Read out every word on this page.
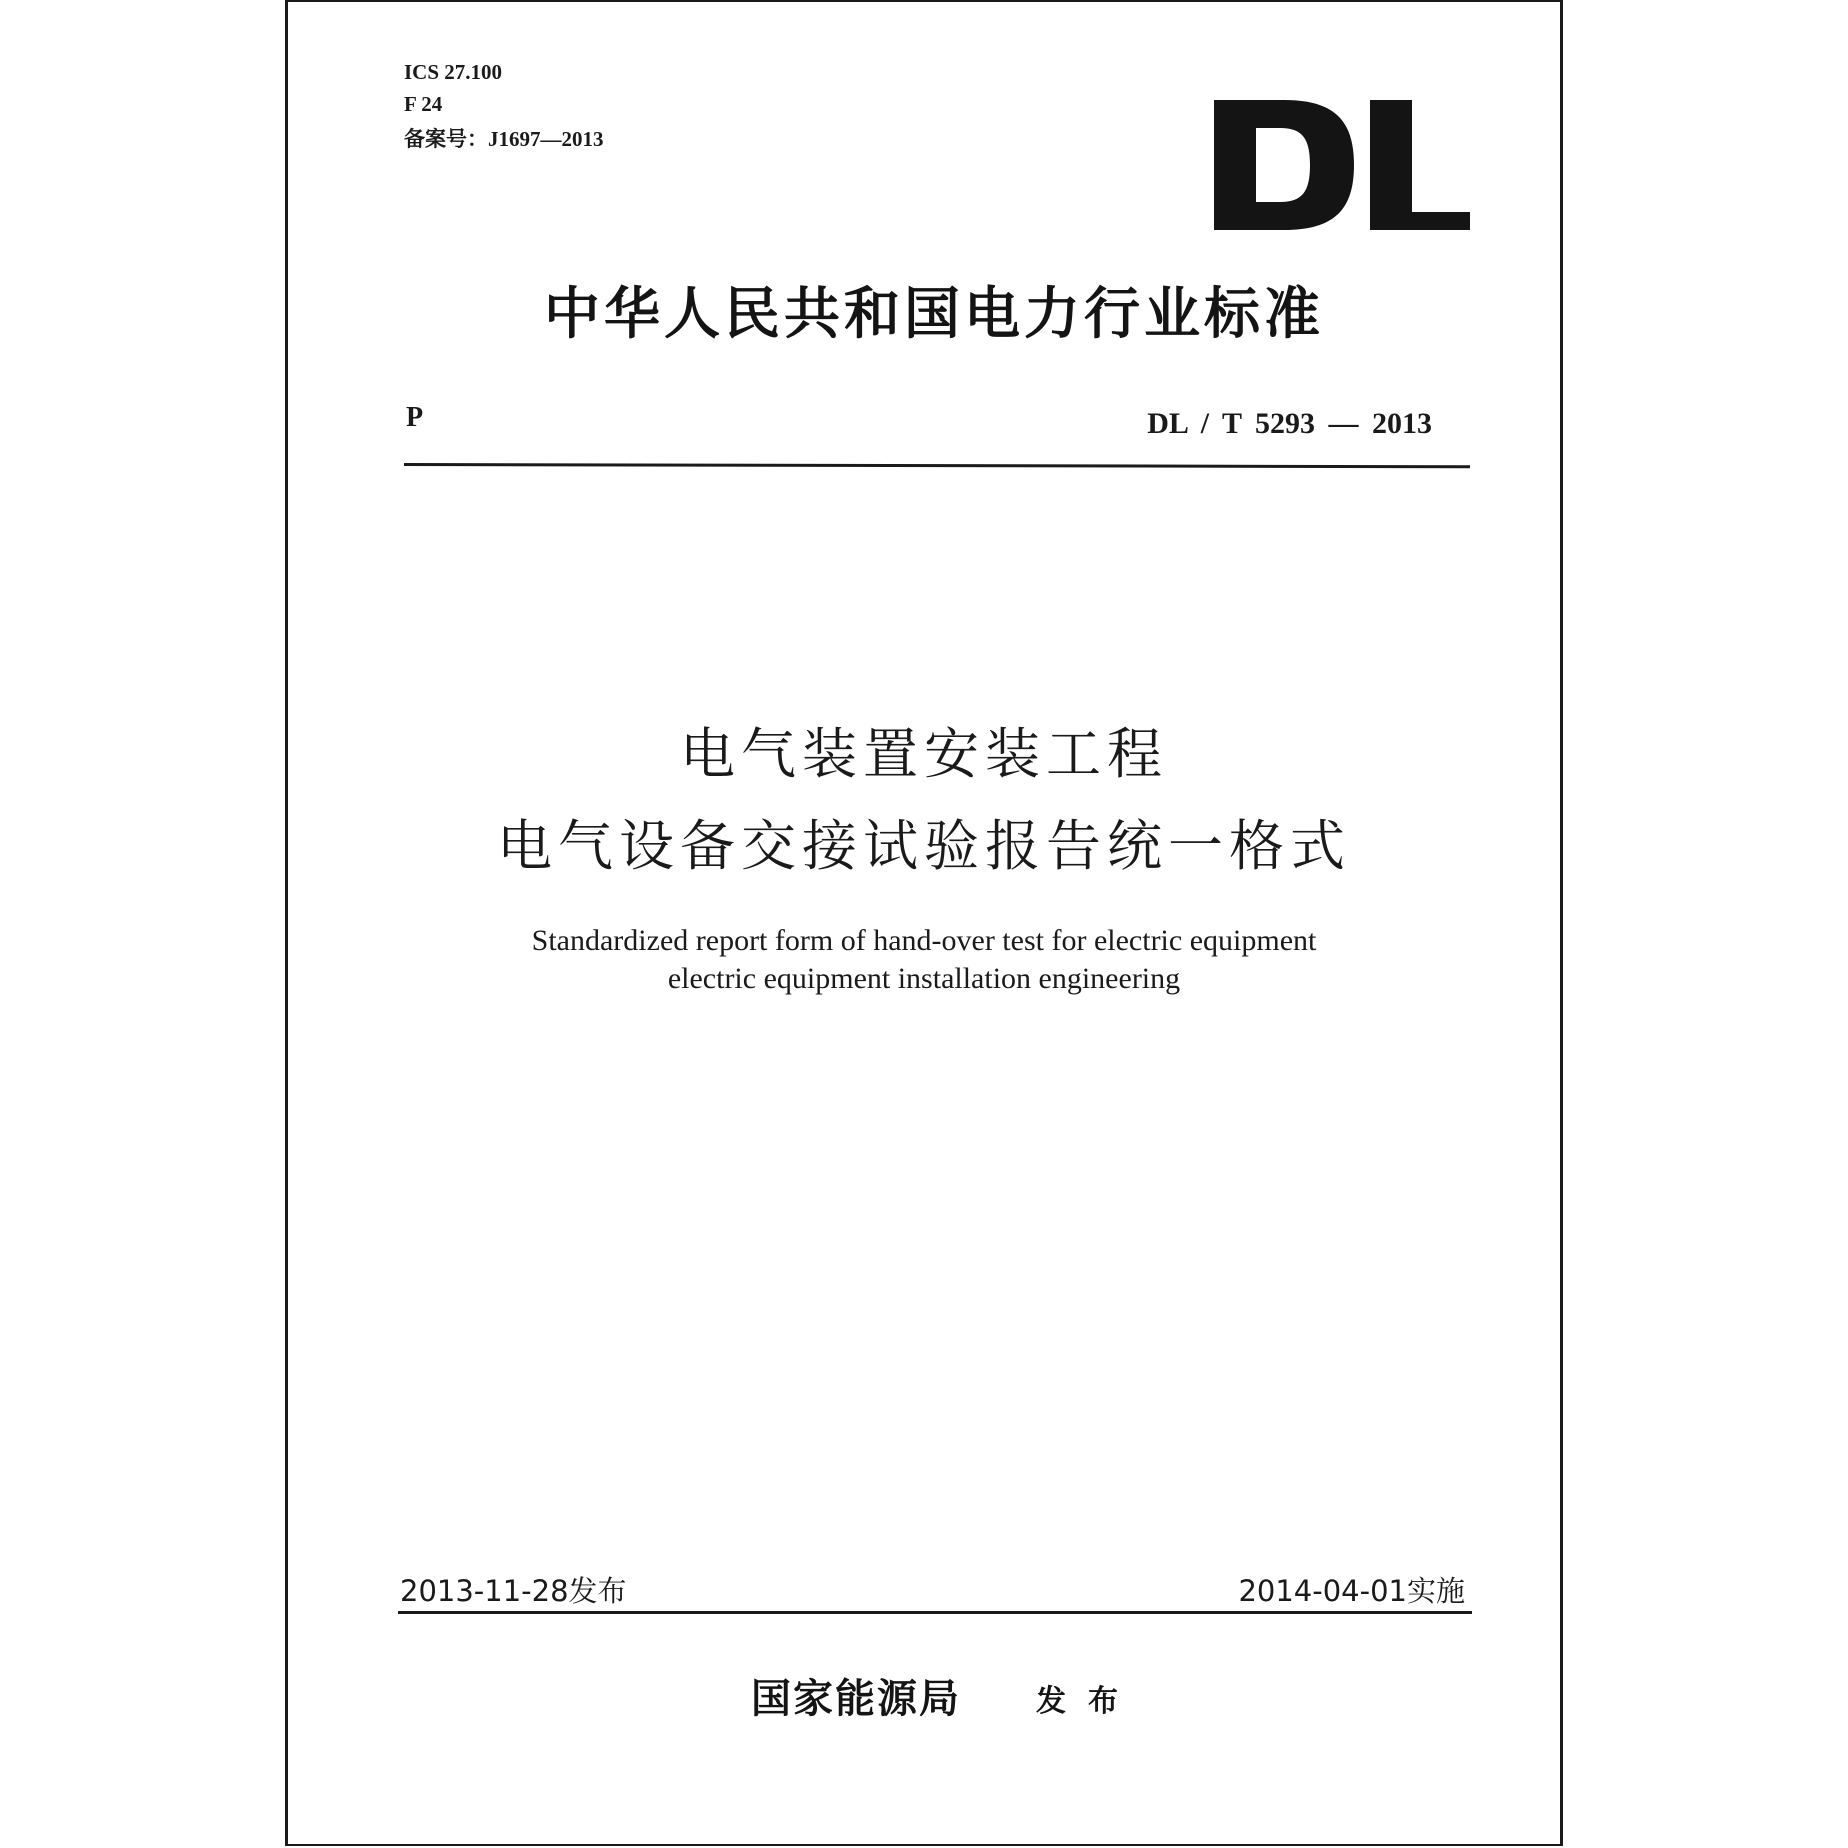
ICS 27.100
F 24
备案号：J1697—2013
中华人民共和国电力行业标准
P	DL / T 5293 — 2013
电气装置安装工程
电气设备交接试验报告统一格式
Standardized report form of hand-over test for electric equipment
electric equipment installation engineering
2013-11-28发布	2014-04-01实施
国家能源局	发布
